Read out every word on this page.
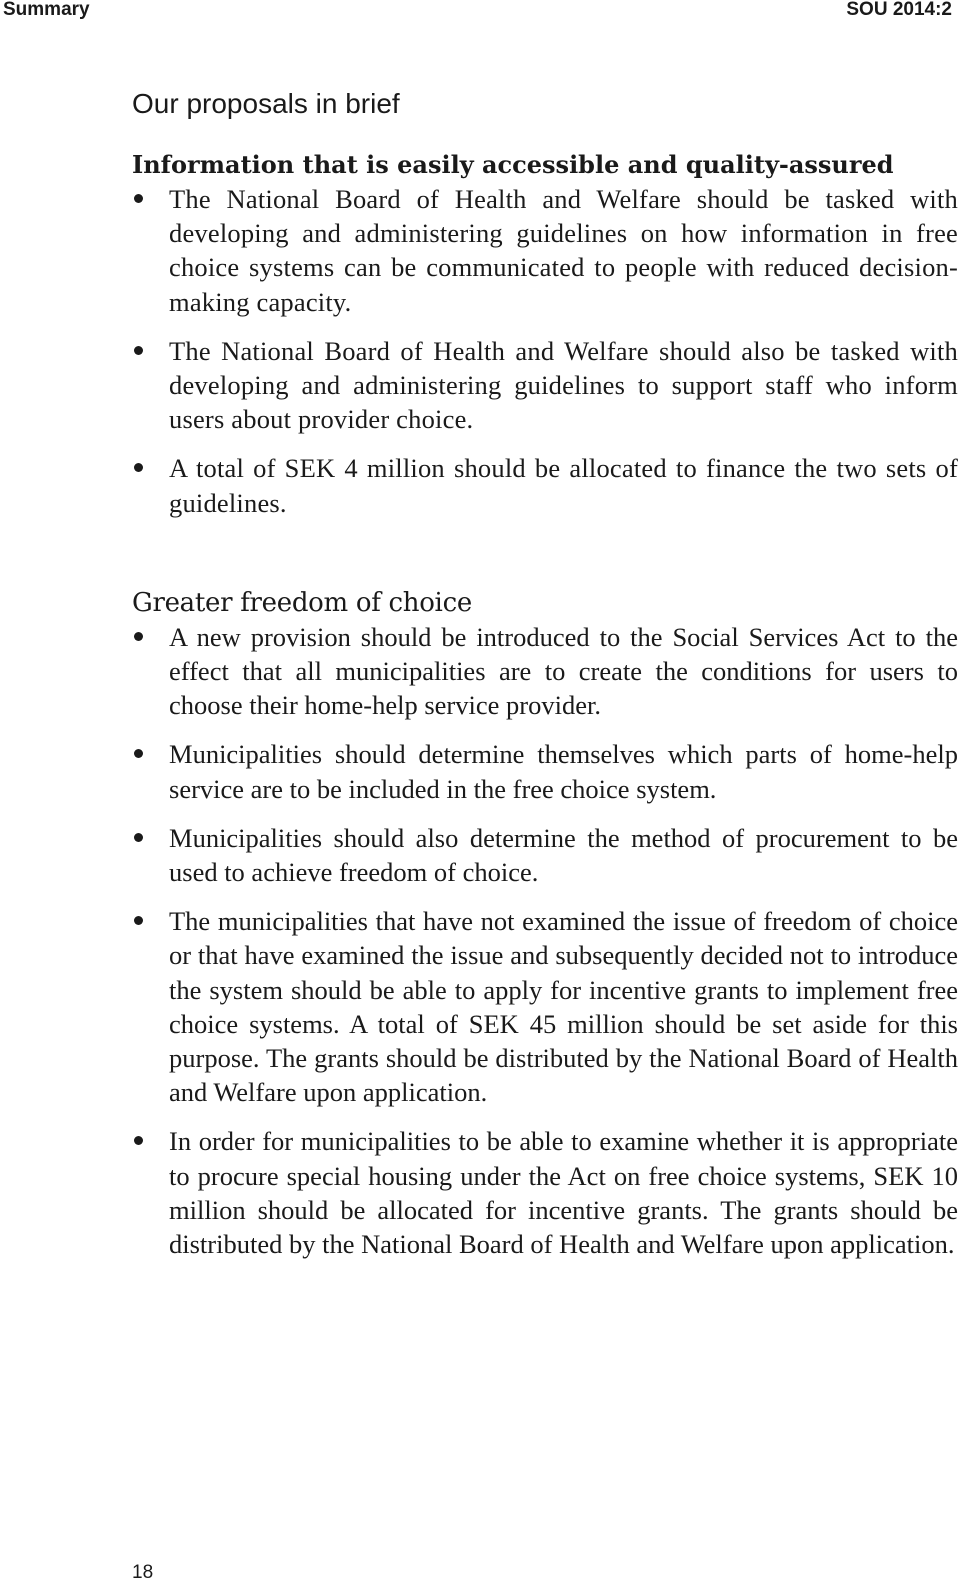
Summary	SOU 2014:2
Our proposals in brief
Information that is easily accessible and quality-assured
The National Board of Health and Welfare should be tasked with developing and administering guidelines on how information in free choice systems can be communicated to people with reduced decision-making capacity.
The National Board of Health and Welfare should also be tasked with developing and administering guidelines to support staff who inform users about provider choice.
A total of SEK 4 million should be allocated to finance the two sets of guidelines.
Greater freedom of choice
A new provision should be introduced to the Social Services Act to the effect that all municipalities are to create the conditions for users to choose their home-help service provider.
Municipalities should determine themselves which parts of home-help service are to be included in the free choice system.
Municipalities should also determine the method of procurement to be used to achieve freedom of choice.
The municipalities that have not examined the issue of freedom of choice or that have examined the issue and subsequently decided not to introduce the system should be able to apply for incentive grants to implement free choice systems. A total of SEK 45 million should be set aside for this purpose. The grants should be distributed by the National Board of Health and Welfare upon application.
In order for municipalities to be able to examine whether it is appropriate to procure special housing under the Act on free choice systems, SEK 10 million should be allocated for incentive grants. The grants should be distributed by the National Board of Health and Welfare upon application.
18
